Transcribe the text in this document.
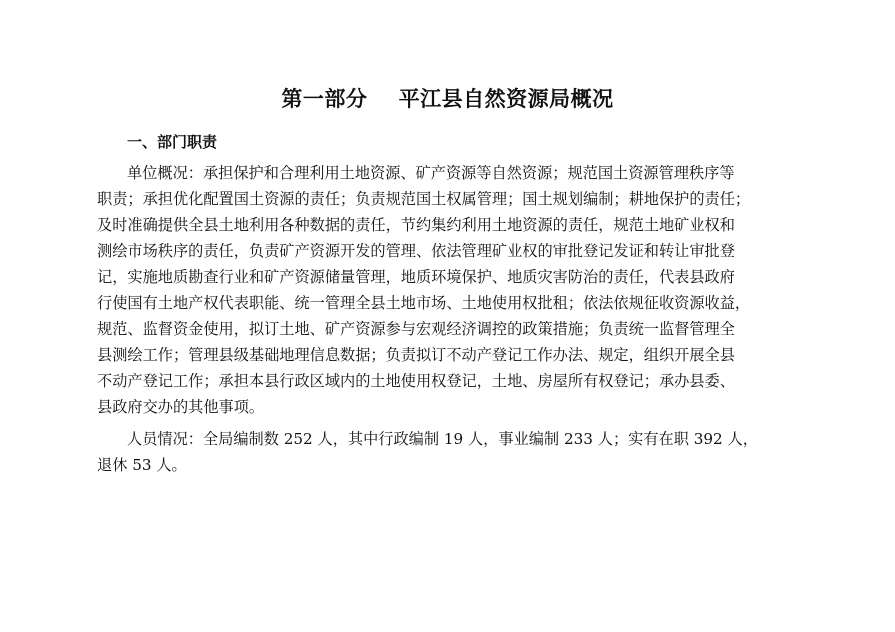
第一部分    平江县自然资源局概况
一、部门职责
单位概况：承担保护和合理利用土地资源、矿产资源等自然资源；规范国土资源管理秩序等
职责；承担优化配置国土资源的责任；负责规范国土权属管理；国土规划编制；耕地保护的责任；
及时准确提供全县土地利用各种数据的责任，节约集约利用土地资源的责任，规范土地矿业权和
测绘市场秩序的责任，负责矿产资源开发的管理、依法管理矿业权的审批登记发证和转让审批登
记，实施地质勘查行业和矿产资源储量管理，地质环境保护、地质灾害防治的责任，代表县政府
行使国有土地产权代表职能、统一管理全县土地市场、土地使用权批租；依法依规征收资源收益，
规范、监督资金使用，拟订土地、矿产资源参与宏观经济调控的政策措施；负责统一监督管理全
县测绘工作；管理县级基础地理信息数据；负责拟订不动产登记工作办法、规定，组织开展全县
不动产登记工作；承担本县行政区域内的土地使用权登记，土地、房屋所有权登记；承办县委、
县政府交办的其他事项。
人员情况：全局编制数 252 人，其中行政编制 19 人，事业编制 233 人；实有在职 392 人，
退休 53 人。
